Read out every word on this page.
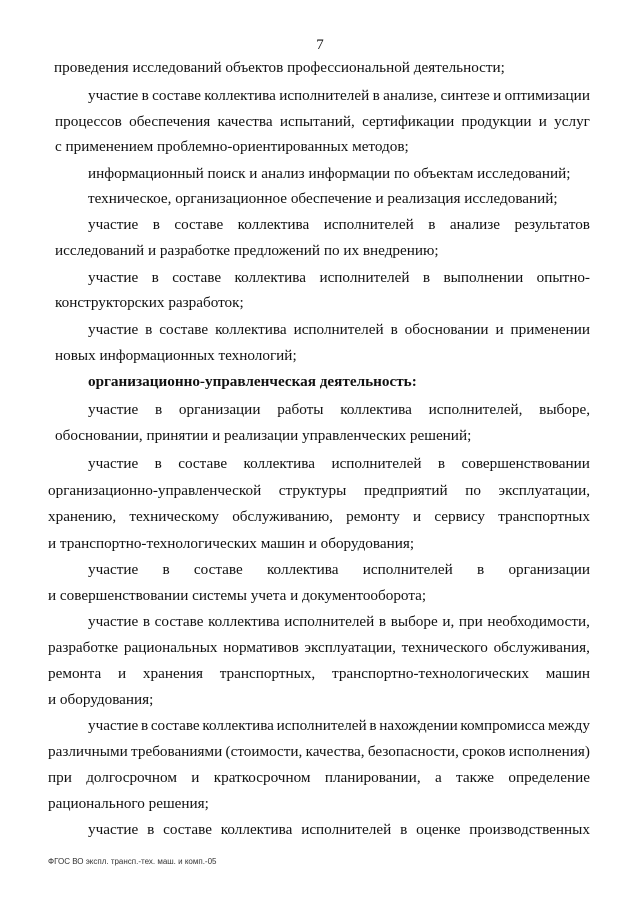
7
проведения исследований объектов профессиональной деятельности;
участие в составе коллектива исполнителей в анализе, синтезе и оптимизации
процессов обеспечения качества испытаний, сертификации продукции и услуг
с применением проблемно-ориентированных методов;
информационный поиск и анализ информации по объектам исследований;
техническое, организационное обеспечение и реализация исследований;
участие в составе коллектива исполнителей в анализе результатов
исследований и разработке предложений по их внедрению;
участие в составе коллектива исполнителей в выполнении опытно-
конструкторских разработок;
участие в составе коллектива исполнителей в обосновании и применении
новых информационных технологий;
организационно-управленческая деятельность:
участие в организации работы коллектива исполнителей, выборе,
обосновании, принятии и реализации управленческих решений;
участие в составе коллектива исполнителей в совершенствовании
организационно-управленческой структуры предприятий по эксплуатации,
хранению, техническому обслуживанию, ремонту и сервису транспортных
и транспортно-технологических машин и оборудования;
участие в составе коллектива исполнителей в организации
и совершенствовании системы учета и документооборота;
участие в составе коллектива исполнителей в выборе и, при необходимости,
разработке рациональных нормативов эксплуатации, технического обслуживания,
ремонта и хранения транспортных, транспортно-технологических машин
и оборудования;
участие в составе коллектива исполнителей в нахождении компромисса между
различными требованиями (стоимости, качества, безопасности, сроков исполнения)
при долгосрочном и краткосрочном планировании, а также определение
рационального решения;
участие в составе коллектива исполнителей в оценке производственных
ФГОС ВО экспл. трансп.-тех. маш. и комп.-05
